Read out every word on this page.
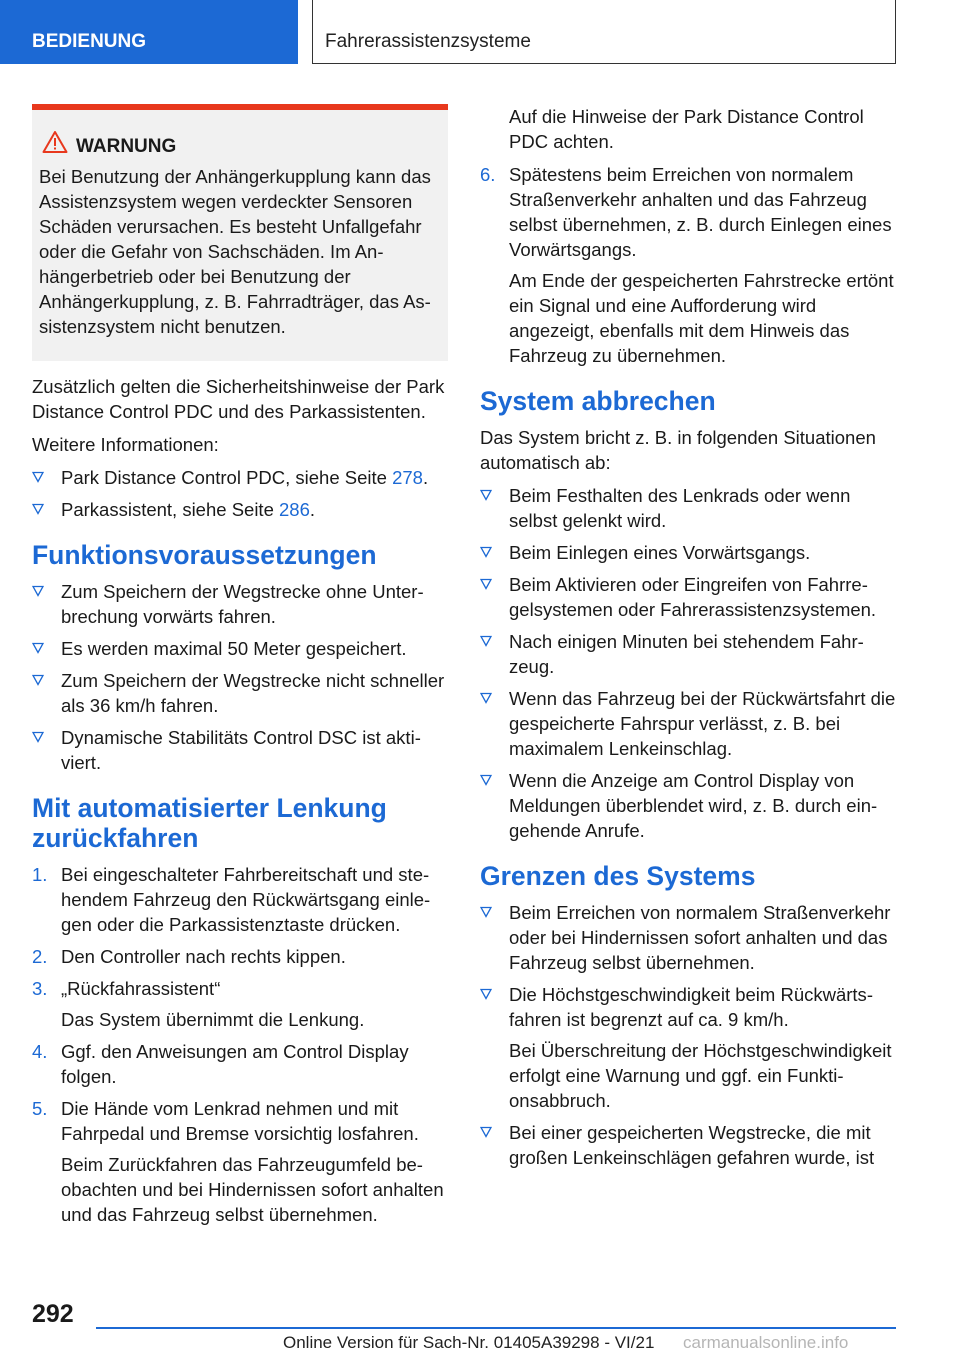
BEDIENUNG	Fahrerassistenzsysteme
WARNUNG
Bei Benutzung der Anhängerkupplung kann das Assistenzsystem wegen verdeckter Sensoren Schäden verursachen. Es besteht Unfallgefahr oder die Gefahr von Sachschäden. Im Anhängerbetrieb oder bei Benutzung der Anhängerkupplung, z. B. Fahrradträger, das Assistenzsystem nicht benutzen.

Zusätzlich gelten die Sicherheitshinweise der Park Distance Control PDC und des Parkassistenten.

Weitere Informationen:

Park Distance Control PDC, siehe Seite 278.
Parkassistent, siehe Seite 286.
Funktionsvoraussetzungen
Zum Speichern der Wegstrecke ohne Unterbrechung vorwärts fahren.
Es werden maximal 50 Meter gespeichert.
Zum Speichern der Wegstrecke nicht schneller als 36 km/h fahren.
Dynamische Stabilitäts Control DSC ist aktiviert.
Mit automatisierter Lenkung zurückfahren
1. Bei eingeschalteter Fahrbereitschaft und stehendem Fahrzeug den Rückwärtsgang einlegen oder die Parkassistenztaste drücken.
2. Den Controller nach rechts kippen.
3. „Rückfahrassistent“

Das System übernimmt die Lenkung.

4. Ggf. den Anweisungen am Control Display folgen.
5. Die Hände vom Lenkrad nehmen und mit Fahrpedal und Bremse vorsichtig losfahren.

Beim Zurückfahren das Fahrzeugumfeld beobachten und bei Hindernissen sofort anhalten und das Fahrzeug selbst übernehmen.

Auf die Hinweise der Park Distance Control PDC achten.

6. Spätestens beim Erreichen von normalem Straßenverkehr anhalten und das Fahrzeug selbst übernehmen, z. B. durch Einlegen eines Vorwärtsgangs.

Am Ende der gespeicherten Fahrstrecke ertönt ein Signal und eine Aufforderung wird angezeigt, ebenfalls mit dem Hinweis das Fahrzeug zu übernehmen.

System abbrechen

Das System bricht z. B. in folgenden Situationen automatisch ab:

Beim Festhalten des Lenkrads oder wenn selbst gelenkt wird.
Beim Einlegen eines Vorwärtsgangs.
Beim Aktivieren oder Eingreifen von Fahrregelsystemen oder Fahrerassistenzsystemen.
Nach einigen Minuten bei stehendem Fahrzeug.
Wenn das Fahrzeug bei der Rückwärtsfahrt die gespeicherte Fahrspur verlässt, z. B. bei maximalem Lenkeinschlag.
Wenn die Anzeige am Control Display von Meldungen überblendet wird, z. B. durch eingehende Anrufe.
Grenzen des Systems
Beim Erreichen von normalem Straßenverkehr oder bei Hindernissen sofort anhalten und das Fahrzeug selbst übernehmen.
Die Höchstgeschwindigkeit beim Rückwärtsfahren ist begrenzt auf ca. 9 km/h.

Bei Überschreitung der Höchstgeschwindigkeit erfolgt eine Warnung und ggf. ein Funktionsabbruch.

Bei einer gespeicherten Wegstrecke, die mit großen Lenkeinschlägen gefahren wurde, ist
292
Online Version für Sach-Nr. 01405A39298 - VI/21 carmanualsonline.info
